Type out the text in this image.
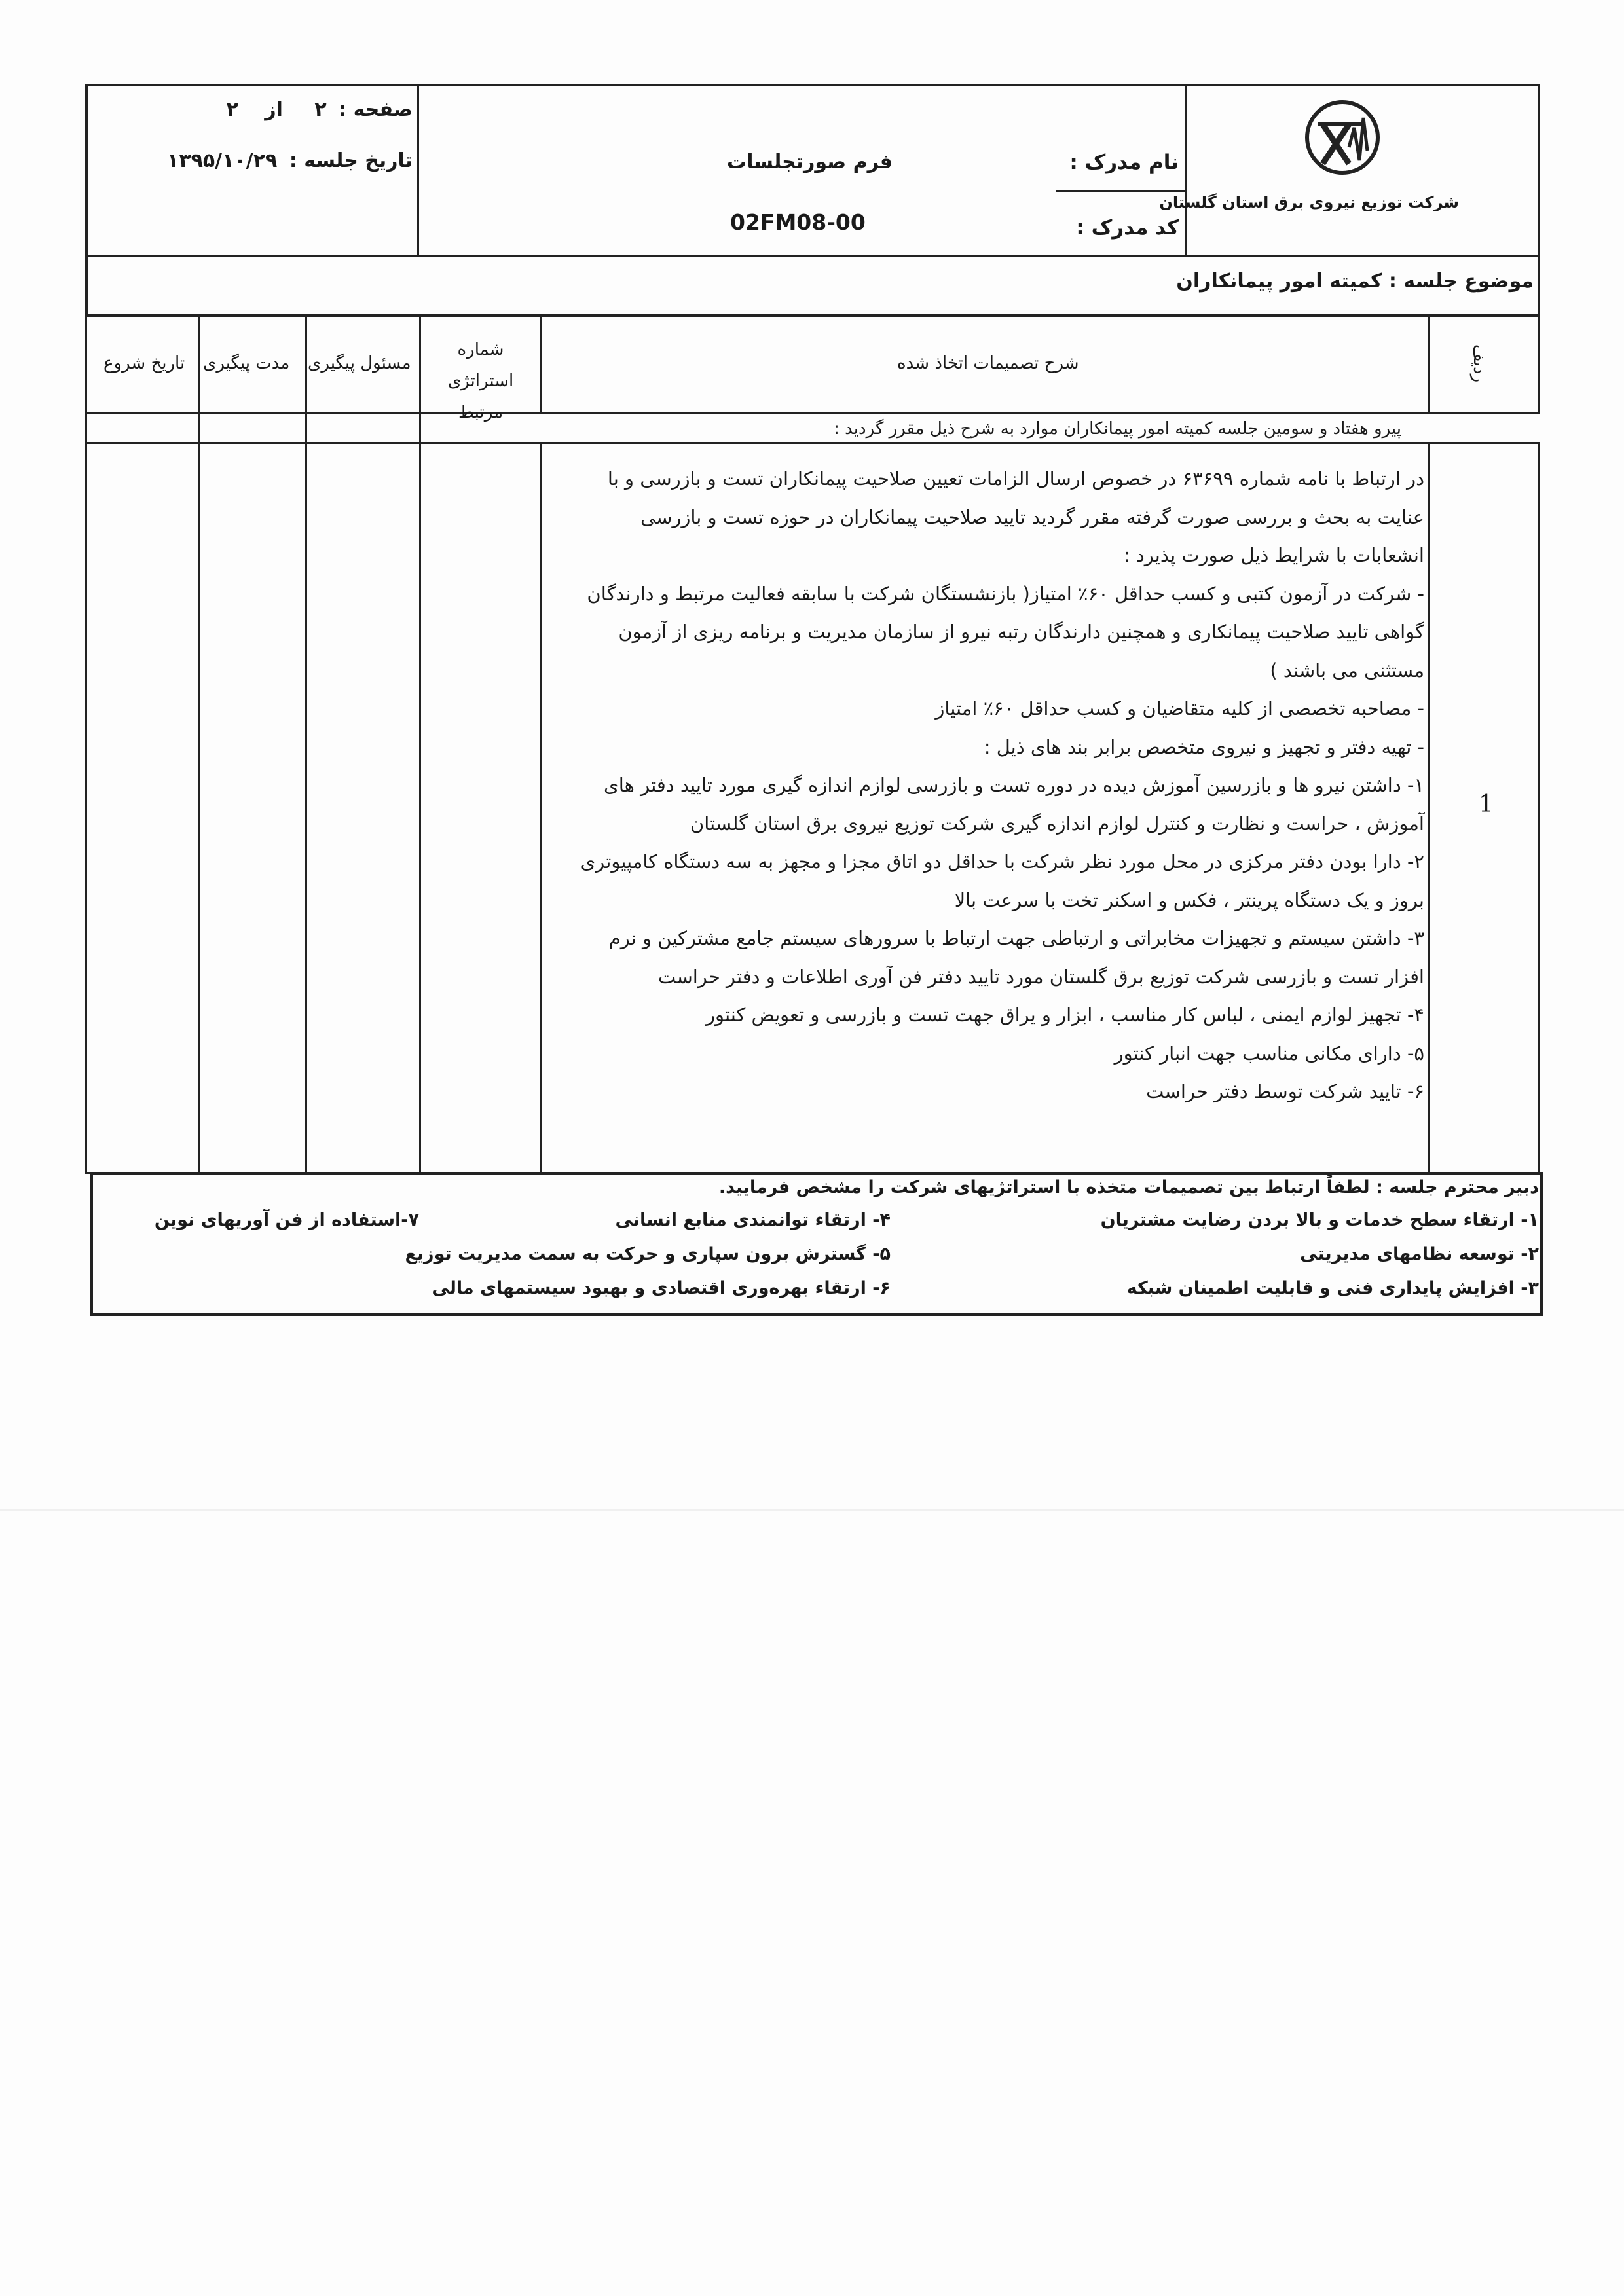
شرکت توزیع نیروی برق استان گلستان
نام مدرک :
کد مدرک :
فرم صورتجلسات
02FM08-00
صفحه : ۲ از ۲
تاریخ جلسه : ۱۳۹۵/۱۰/۲۹
موضوع جلسه : کمیته امور پیمانکاران
ردیف
شرح تصمیمات اتخاذ شده
شماره استراتژی
مرتبط
مسئول پیگیری
مدت پیگیری
تاریخ شروع
پیرو هفتاد و سومین جلسه کمیته امور پیمانکاران موارد به شرح ذیل مقرر گردید :
1
در ارتباط با نامه شماره ۶۳۶۹۹ در خصوص ارسال الزامات تعیین صلاحیت پیمانکاران تست و بازرسی و با
عنایت به بحث و بررسی صورت گرفته مقرر گردید تایید صلاحیت پیمانکاران در حوزه تست و بازرسی
انشعابات با شرایط ذیل صورت پذیرد :
- شرکت در آزمون کتبی و کسب حداقل ۶۰٪ امتیاز( بازنشستگان شرکت با سابقه فعالیت مرتبط و دارندگان
گواهی تایید صلاحیت پیمانکاری و همچنین دارندگان رتبه نیرو از سازمان مدیریت و برنامه ریزی از آزمون
مستثنی می باشند )
- مصاحبه تخصصی از کلیه متقاضیان و کسب حداقل ۶۰٪ امتیاز
- تهیه دفتر و تجهیز و نیروی متخصص برابر بند های ذیل :
۱- داشتن نیرو ها و بازرسین آموزش دیده در دوره تست و بازرسی لوازم اندازه گیری مورد تایید دفتر های
آموزش ، حراست و نظارت و کنترل لوازم اندازه گیری شرکت توزیع نیروی برق استان گلستان
۲- دارا بودن دفتر مرکزی در محل مورد نظر شرکت با حداقل دو اتاق مجزا و مجهز به سه دستگاه کامپیوتری
بروز و یک دستگاه پرینتر ، فکس و اسکنر تخت با سرعت بالا
۳- داشتن سیستم و تجهیزات مخابراتی و ارتباطی جهت ارتباط با سرورهای سیستم جامع مشترکین و نرم
افزار تست و بازرسی شرکت توزیع برق گلستان مورد تایید دفتر فن آوری اطلاعات و دفتر حراست
۴- تجهیز لوازم ایمنی ، لباس کار مناسب ، ابزار و یراق جهت تست و بازرسی و تعویض کنتور
۵- دارای مکانی مناسب جهت انبار کنتور
۶- تایید شرکت توسط دفتر حراست
دبیر محترم جلسه : لطفاً ارتباط بین تصمیمات متخذه با استراتژیهای شرکت را مشخص فرمایید.
۱- ارتقاء سطح خدمات و بالا بردن رضایت مشتریان
۲- توسعه نظامهای مدیریتی
۳- افزایش پایداری فنی و قابلیت اطمینان شبکه
۴- ارتقاء توانمندی منابع انسانی
۵- گسترش برون سپاری و حرکت به سمت مدیریت توزیع
۶- ارتقاء بهره‌وری اقتصادی و بهبود سیستمهای مالی
۷-استفاده از فن آوریهای نوین
